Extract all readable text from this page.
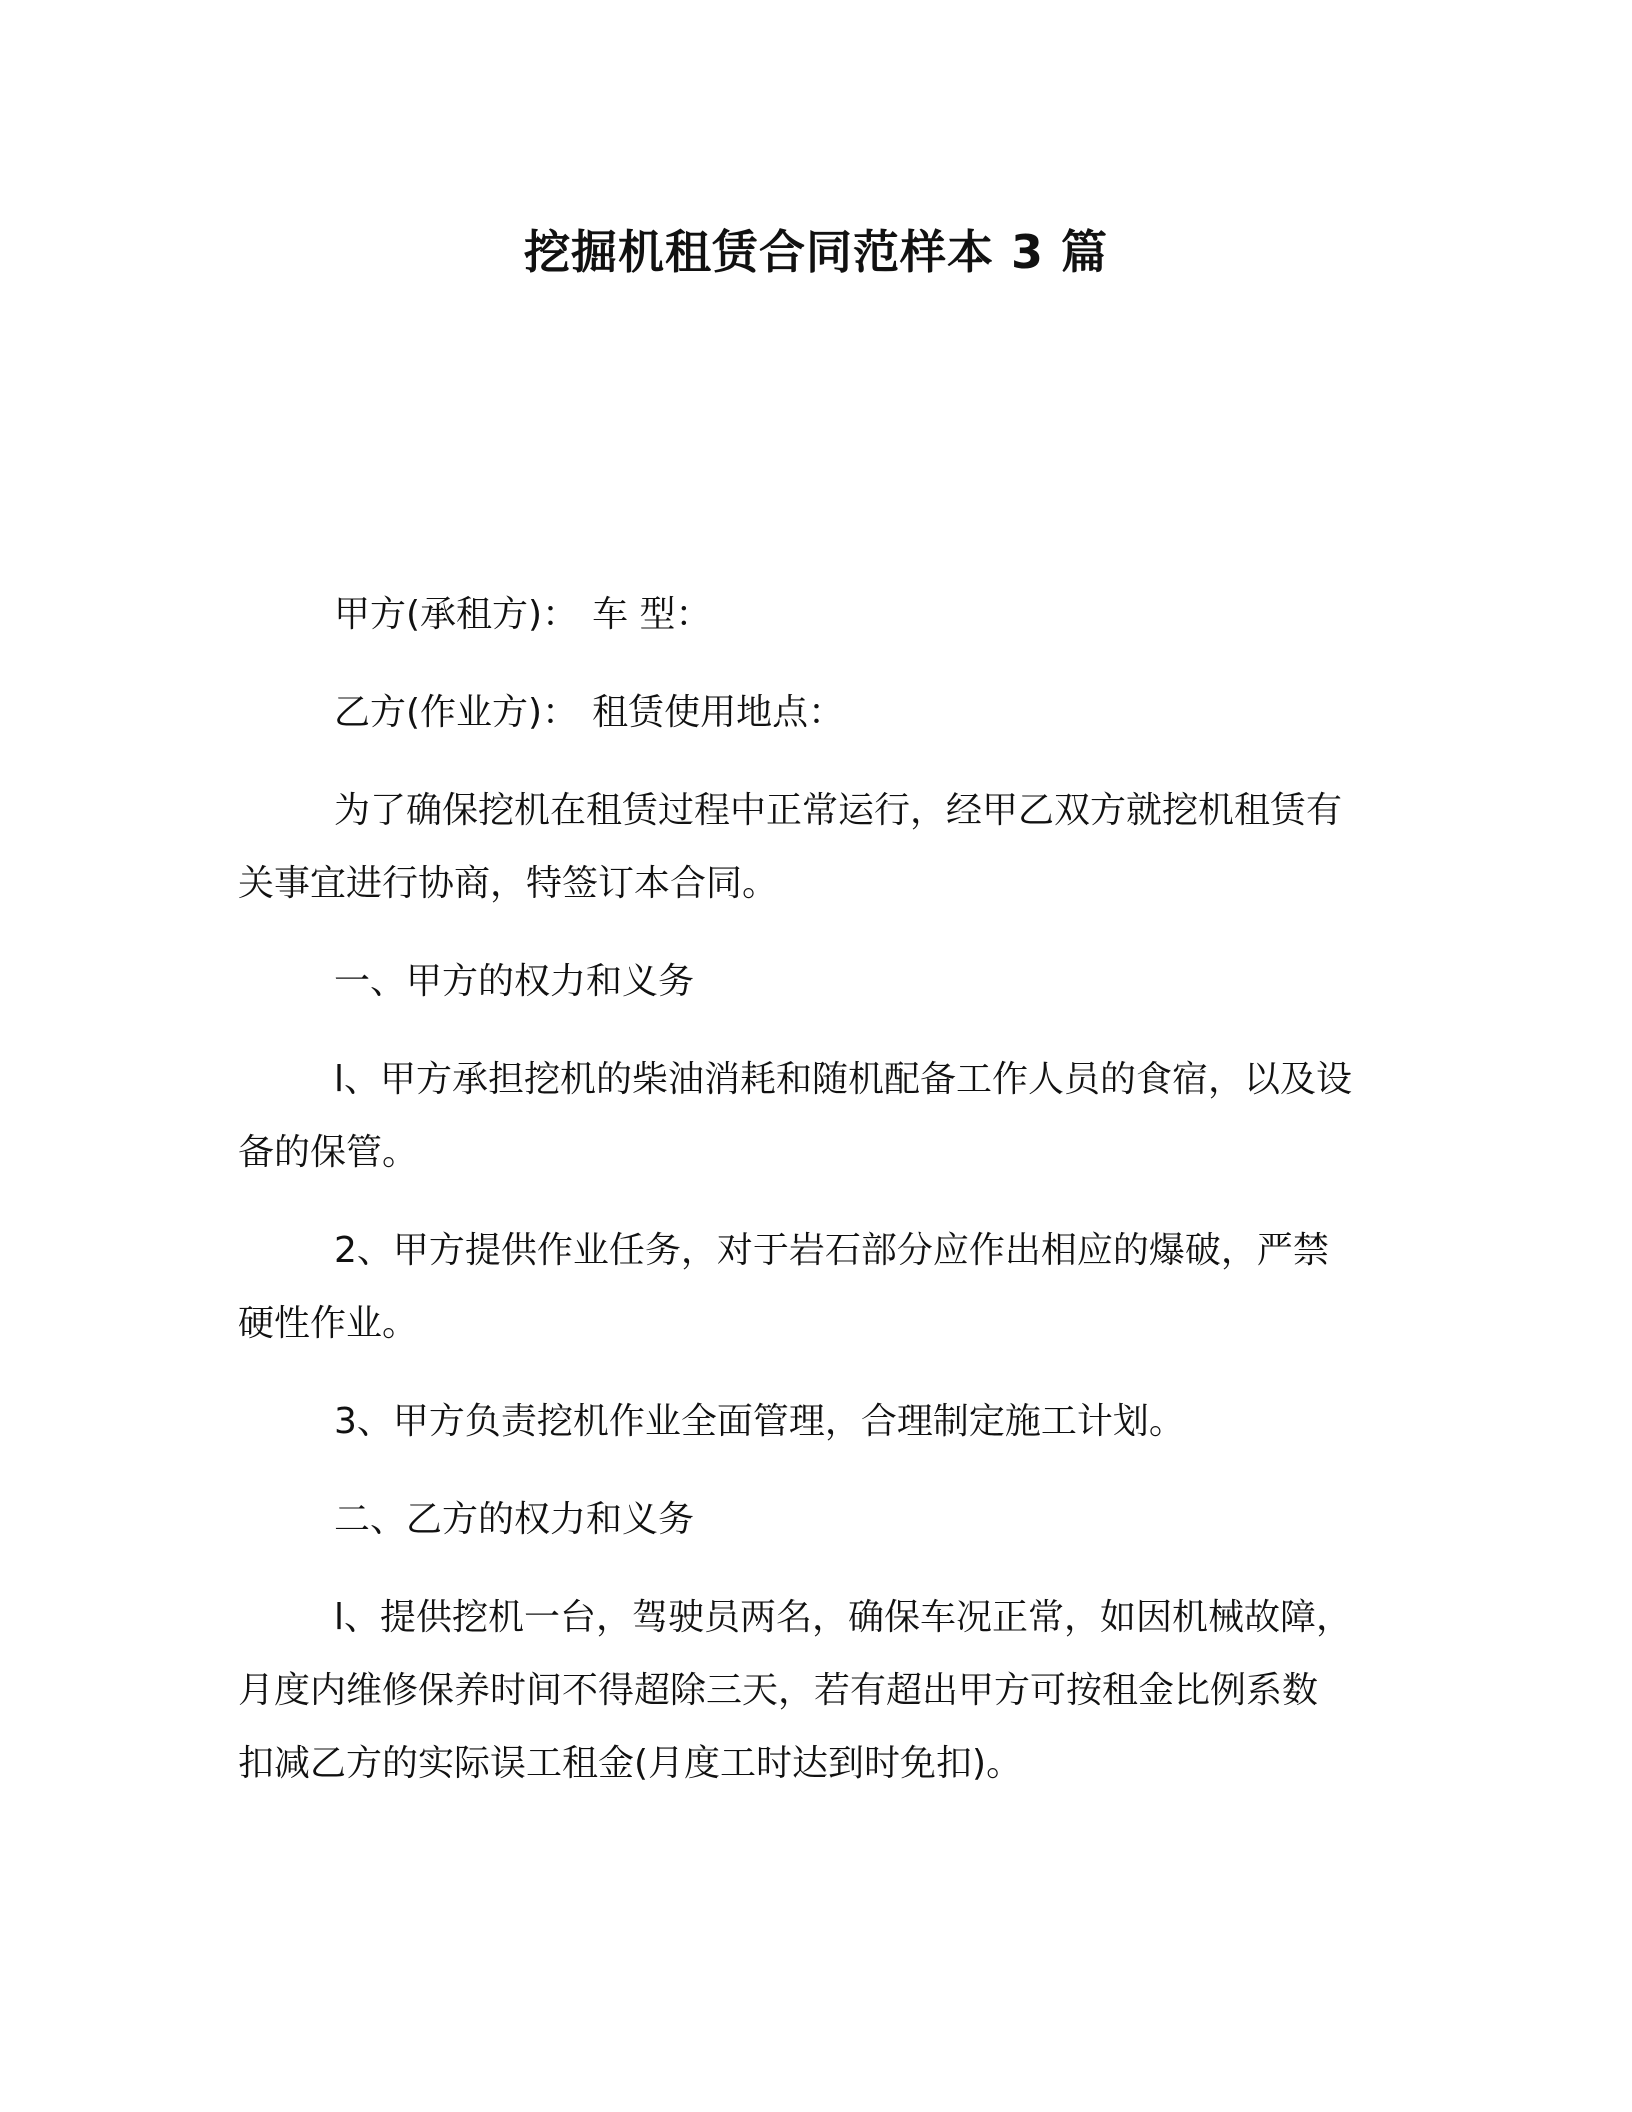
挖掘机租赁合同范样本 3 篇

甲方(承租方)： 车 型：

乙方(作业方)： 租赁使用地点：

为了确保挖机在租赁过程中正常运行，经甲乙双方就挖机租赁有

关事宜进行协商，特签订本合同。

一、甲方的权力和义务

l、甲方承担挖机的柴油消耗和随机配备工作人员的食宿，以及设

备的保管。

2、甲方提供作业任务，对于岩石部分应作出相应的爆破，严禁

硬性作业。

3、甲方负责挖机作业全面管理，合理制定施工计划。

二、乙方的权力和义务

l、提供挖机一台，驾驶员两名，确保车况正常，如因机械故障，

月度内维修保养时间不得超除三天，若有超出甲方可按租金比例系数

扣减乙方的实际误工租金(月度工时达到时免扣)。
